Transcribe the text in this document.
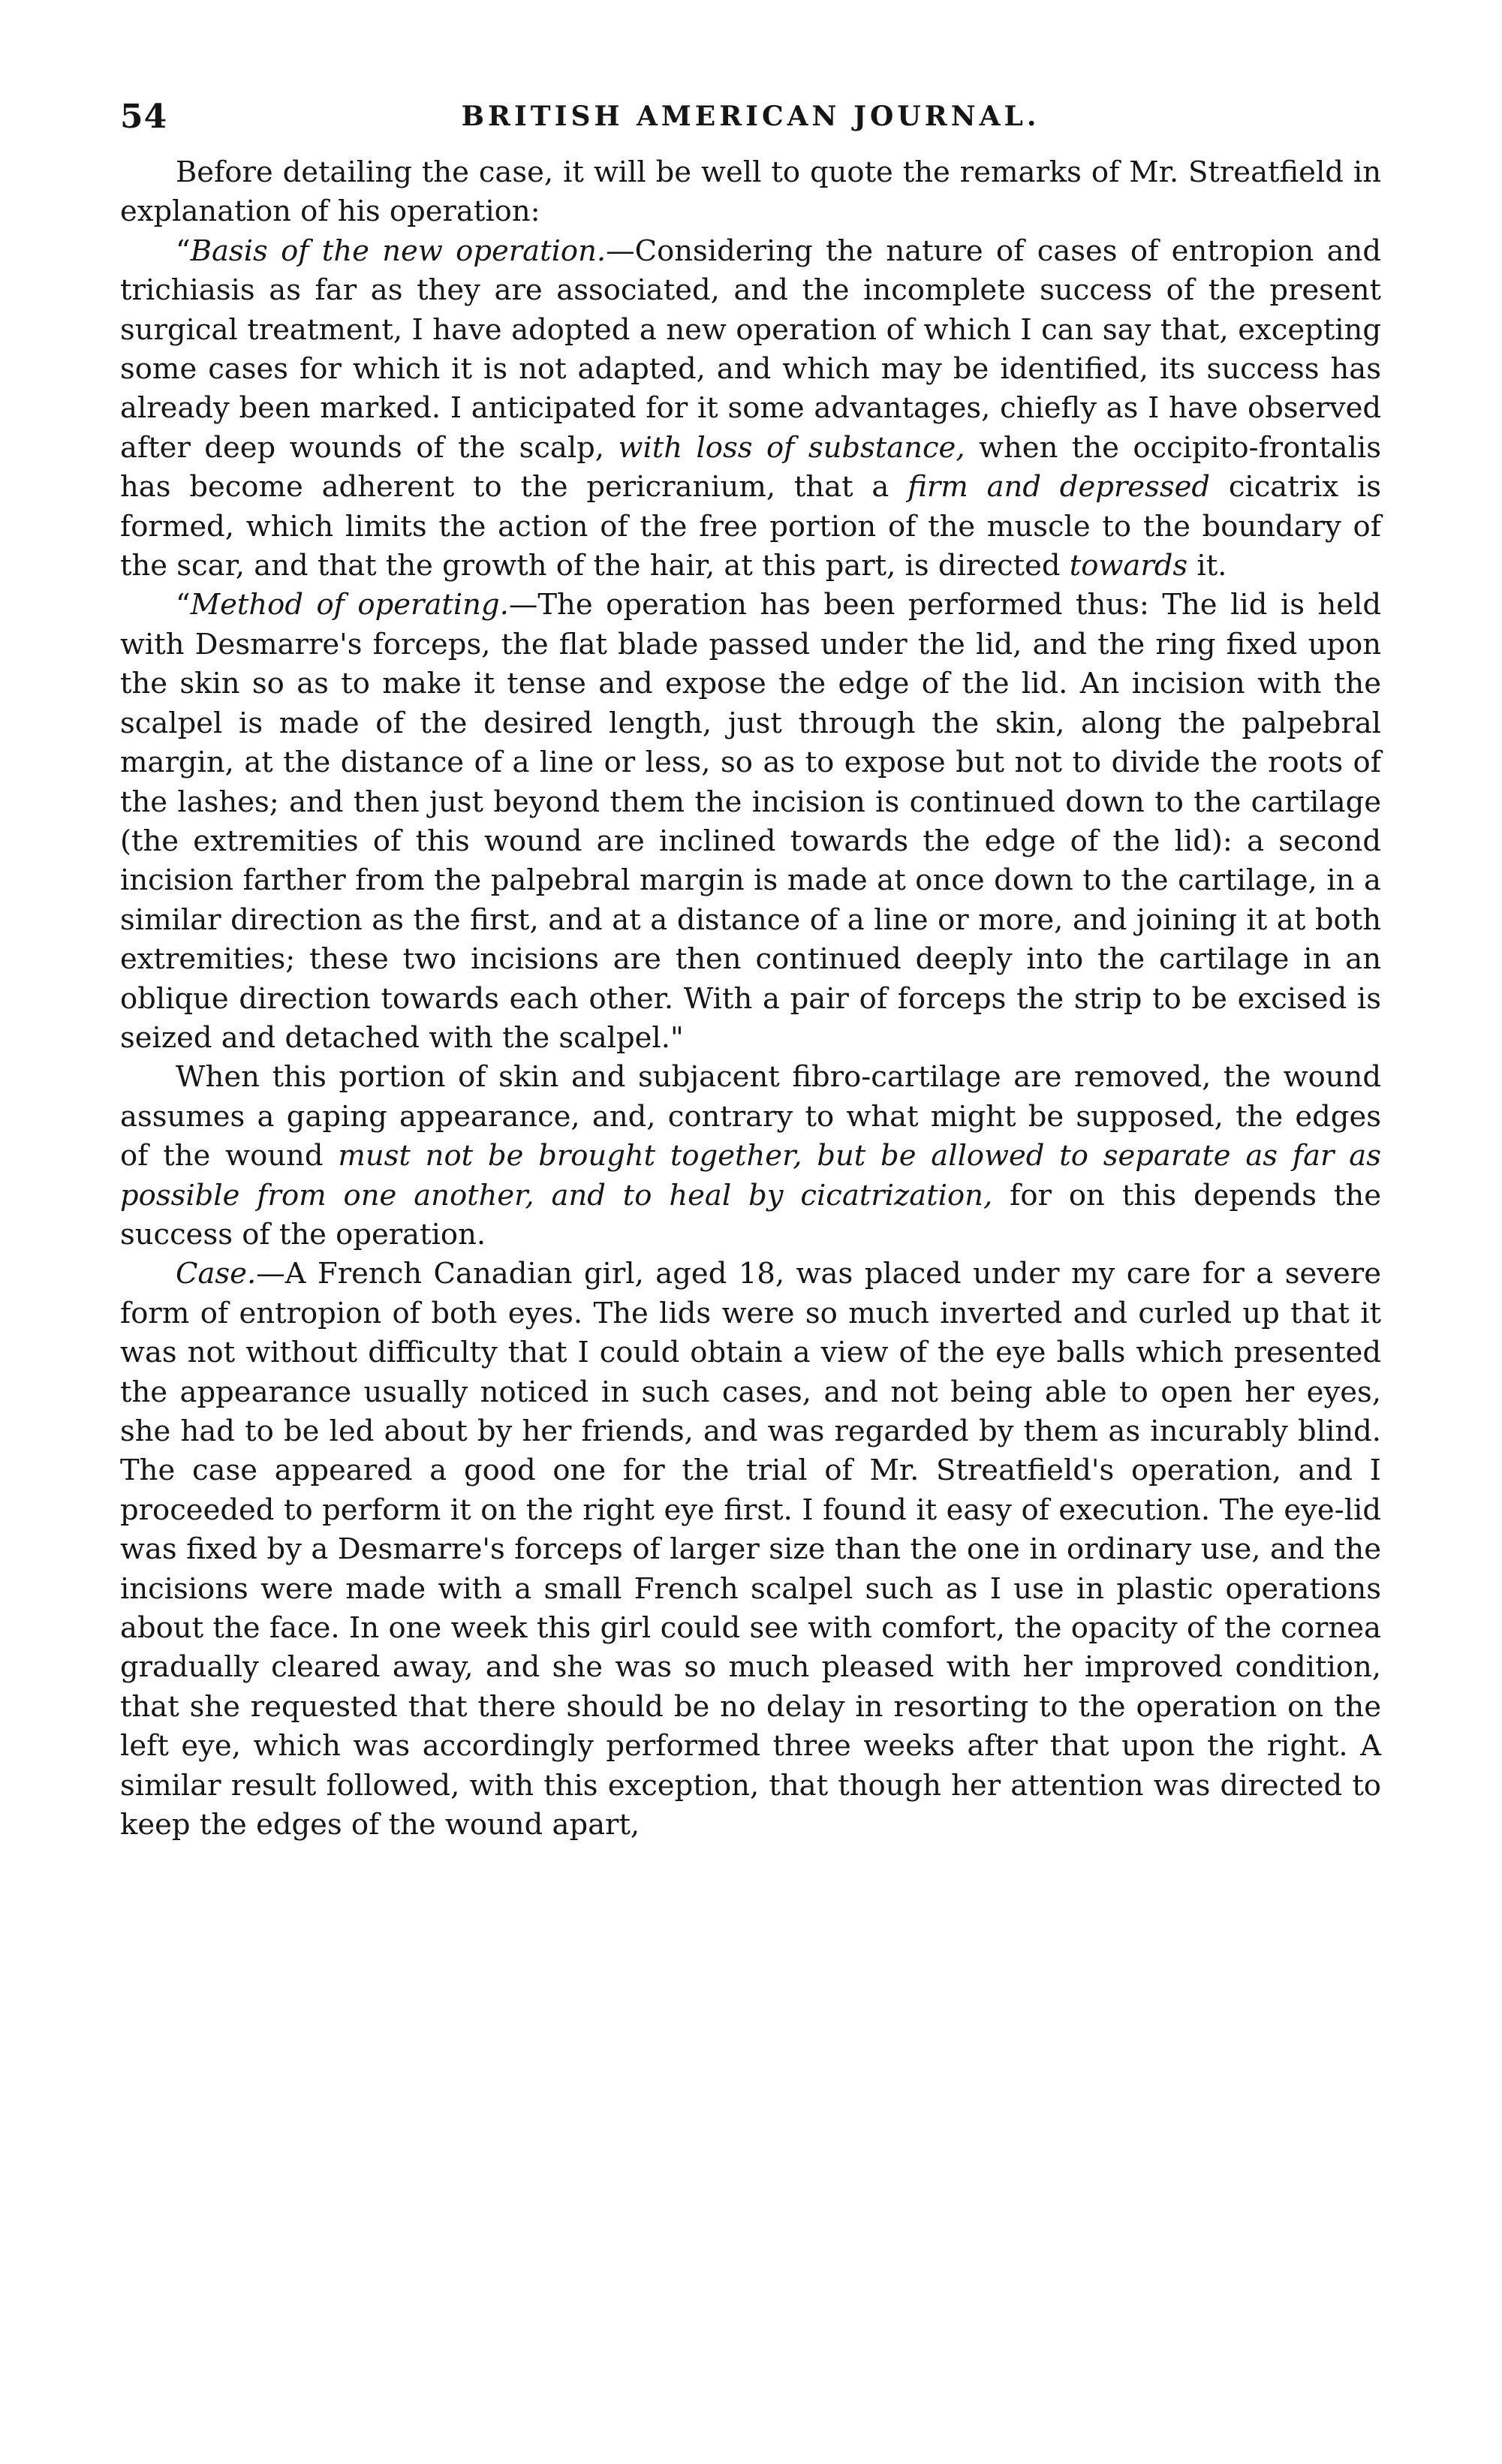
54	BRITISH AMERICAN JOURNAL.

Before detailing the case, it will be well to quote the remarks of Mr. Streatfield in explanation of his operation:

“Basis of the new operation.—Considering the nature of cases of entropion and trichiasis as far as they are associated, and the incomplete success of the present surgical treatment, I have adopted a new operation of which I can say that, excepting some cases for which it is not adapted, and which may be identified, its success has already been marked. I anticipated for it some advantages, chiefly as I have observed after deep wounds of the scalp, with loss of substance, when the occipito-frontalis has become adherent to the pericranium, that a firm and depressed cicatrix is formed, which limits the action of the free portion of the muscle to the boundary of the scar, and that the growth of the hair, at this part, is directed towards it.

“Method of operating.—The operation has been performed thus: The lid is held with Desmarre's forceps, the flat blade passed under the lid, and the ring fixed upon the skin so as to make it tense and expose the edge of the lid. An incision with the scalpel is made of the desired length, just through the skin, along the palpebral margin, at the distance of a line or less, so as to expose but not to divide the roots of the lashes; and then just beyond them the incision is continued down to the cartilage (the extremities of this wound are inclined towards the edge of the lid): a second incision farther from the palpebral margin is made at once down to the cartilage, in a similar direction as the first, and at a distance of a line or more, and joining it at both extremities; these two incisions are then continued deeply into the cartilage in an oblique direction towards each other. With a pair of forceps the strip to be excised is seized and detached with the scalpel."

When this portion of skin and subjacent fibro-cartilage are removed, the wound assumes a gaping appearance, and, contrary to what might be supposed, the edges of the wound must not be brought together, but be allowed to separate as far as possible from one another, and to heal by cicatrization, for on this depends the success of the operation.

Case.—A French Canadian girl, aged 18, was placed under my care for a severe form of entropion of both eyes. The lids were so much inverted and curled up that it was not without difficulty that I could obtain a view of the eye balls which presented the appearance usually noticed in such cases, and not being able to open her eyes, she had to be led about by her friends, and was regarded by them as incurably blind. The case appeared a good one for the trial of Mr. Streatfield's operation, and I proceeded to perform it on the right eye first. I found it easy of execution. The eye-lid was fixed by a Desmarre's forceps of larger size than the one in ordinary use, and the incisions were made with a small French scalpel such as I use in plastic operations about the face. In one week this girl could see with comfort, the opacity of the cornea gradually cleared away, and she was so much pleased with her improved condition, that she requested that there should be no delay in resorting to the operation on the left eye, which was accordingly performed three weeks after that upon the right. A similar result followed, with this exception, that though her attention was directed to keep the edges of the wound apart,
